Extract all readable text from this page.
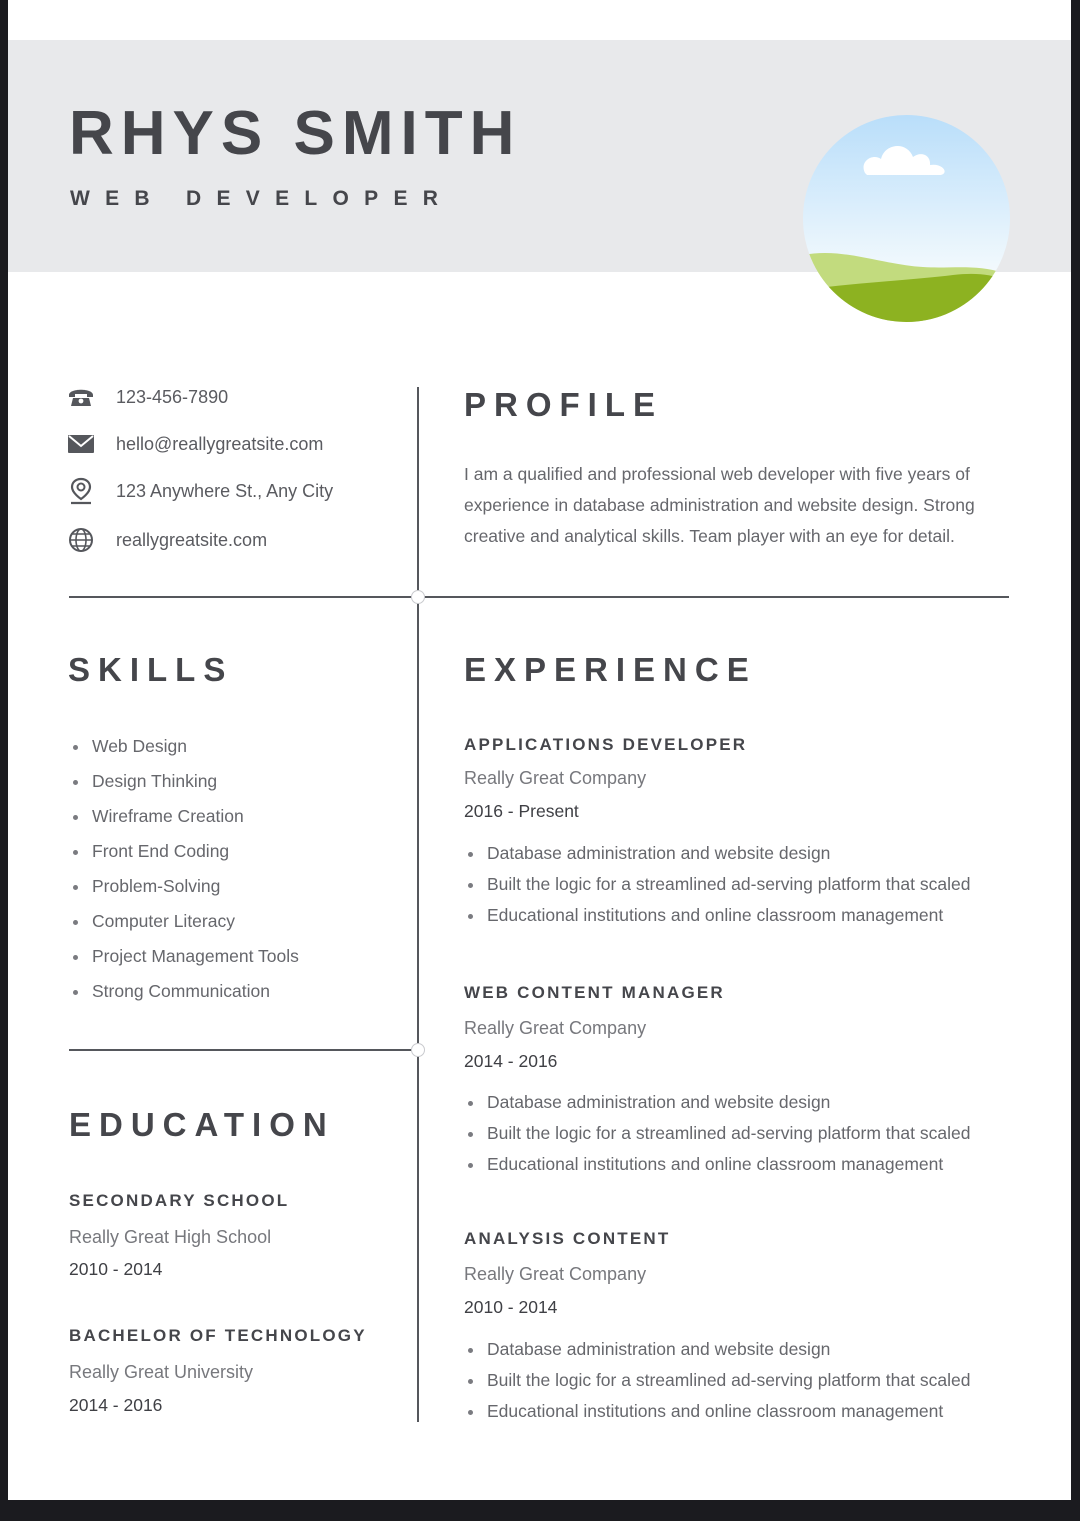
RHYS SMITH
WEB DEVELOPER
123-456-7890
hello@reallygreatsite.com
123 Anywhere St., Any City
reallygreatsite.com
PROFILE

I am a qualified and professional web developer with five years of experience in database administration and website design. Strong creative and analytical skills. Team player with an eye for detail.

SKILLS
Web Design
Design Thinking
Wireframe Creation
Front End Coding
Problem-Solving
Computer Literacy
Project Management Tools
Strong Communication
EDUCATION
SECONDARY SCHOOL

Really Great High School

2010 - 2014

BACHELOR OF TECHNOLOGY

Really Great University

2014 - 2016

EXPERIENCE
APPLICATIONS DEVELOPER

Really Great Company

2016 - Present

Database administration and website design
Built the logic for a streamlined ad-serving platform that scaled
Educational institutions and online classroom management
WEB CONTENT MANAGER

Really Great Company

2014 - 2016

Database administration and website design
Built the logic for a streamlined ad-serving platform that scaled
Educational institutions and online classroom management
ANALYSIS CONTENT

Really Great Company

2010 - 2014

Database administration and website design
Built the logic for a streamlined ad-serving platform that scaled
Educational institutions and online classroom management
